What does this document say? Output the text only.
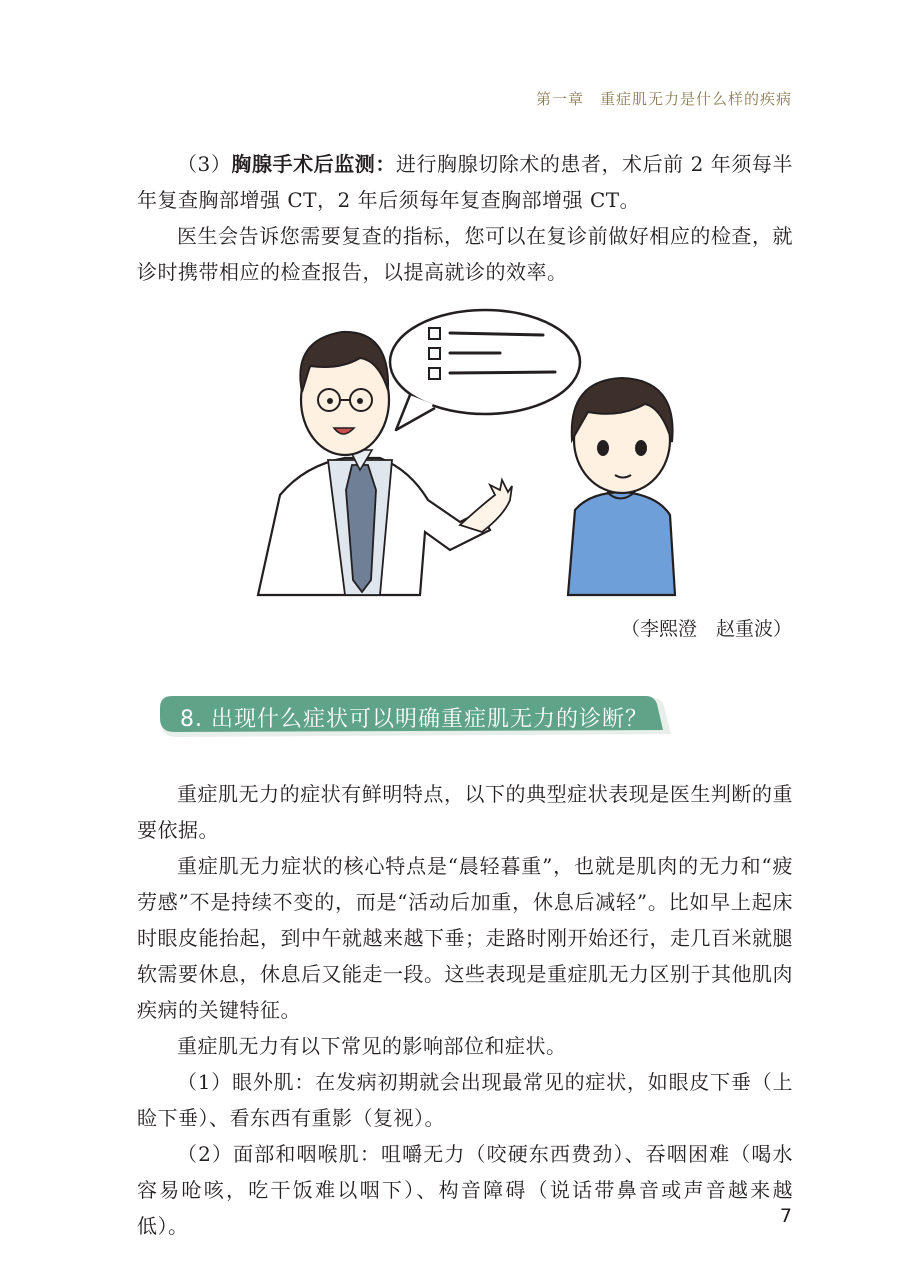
第一章 重症肌无力是什么样的疾病

（3）胸腺手术后监测：进行胸腺切除术的患者，术后前 2 年须每半年复查胸部增强 CT，2 年后须每年复查胸部增强 CT。

医生会告诉您需要复查的指标，您可以在复诊前做好相应的检查，就诊时携带相应的检查报告，以提高就诊的效率。

（李熙澄　赵重波）
8. 出现什么症状可以明确重症肌无力的诊断？

重症肌无力的症状有鲜明特点，以下的典型症状表现是医生判断的重要依据。

重症肌无力症状的核心特点是“晨轻暮重”，也就是肌肉的无力和“疲劳感”不是持续不变的，而是“活动后加重，休息后减轻”。比如早上起床时眼皮能抬起，到中午就越来越下垂；走路时刚开始还行，走几百米就腿软需要休息，休息后又能走一段。这些表现是重症肌无力区别于其他肌肉疾病的关键特征。

重症肌无力有以下常见的影响部位和症状。

（1）眼外肌：在发病初期就会出现最常见的症状，如眼皮下垂（上睑下垂）、看东西有重影（复视）。

（2）面部和咽喉肌：咀嚼无力（咬硬东西费劲）、吞咽困难（喝水容易呛咳，吃干饭难以咽下）、构音障碍（说话带鼻音或声音越来越低）。	7
